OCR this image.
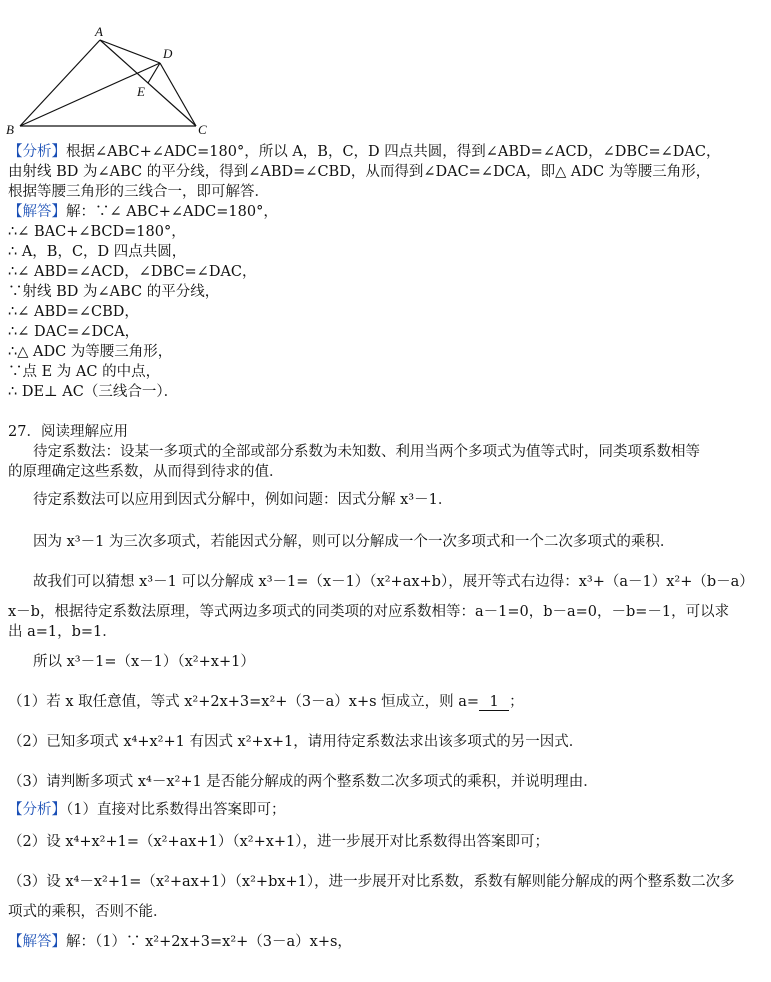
A
D
E
B	C
【分析】根据∠ABC+∠ADC=180°，所以 A，B，C，D 四点共圆，得到∠ABD=∠ACD，∠DBC=∠DAC，
由射线 BD 为∠ABC 的平分线，得到∠ABD=∠CBD，从而得到∠DAC=∠DCA，即△ ADC 为等腰三角形，
根据等腰三角形的三线合一，即可解答．
【解答】解：∵∠ ABC+∠ADC=180°，
∴∠ BAC+∠BCD=180°，
∴ A，B，C，D 四点共圆，
∴∠ ABD=∠ACD，∠DBC=∠DAC，
∵射线 BD 为∠ABC 的平分线，
∴∠ ABD=∠CBD，
∴∠ DAC=∠DCA，
∴△ ADC 为等腰三角形，
∵点 E 为 AC 的中点，
∴ DE⊥ AC（三线合一）．
27．阅读理解应用
待定系数法：设某一多项式的全部或部分系数为未知数、利用当两个多项式为值等式时，同类项系数相等
的原理确定这些系数，从而得到待求的值．
待定系数法可以应用到因式分解中，例如问题：因式分解 x³－1．
因为 x³－1 为三次多项式，若能因式分解，则可以分解成一个一次多项式和一个二次多项式的乘积．
故我们可以猜想 x³－1 可以分解成 x³－1=（x－1）（x²+ax+b），展开等式右边得：x³+（a－1）x²+（b－a）
x－b，根据待定系数法原理，等式两边多项式的同类项的对应系数相等：a－1=0，b－a=0，－b=－1，可以求
出 a=1，b=1．
所以 x³－1=（x－1）（x²+x+1）
（1）若 x 取任意值，等式 x²+2x+3=x²+（3－a）x+s 恒成立，则 a= 1 ；
（2）已知多项式 x⁴+x²+1 有因式 x²+x+1，请用待定系数法求出该多项式的另一因式．
（3）请判断多项式 x⁴－x²+1 是否能分解成的两个整系数二次多项式的乘积，并说明理由．
【分析】（1）直接对比系数得出答案即可；
（2）设 x⁴+x²+1=（x²+ax+1）（x²+x+1），进一步展开对比系数得出答案即可；
（3）设 x⁴－x²+1=（x²+ax+1）（x²+bx+1），进一步展开对比系数，系数有解则能分解成的两个整系数二次多
项式的乘积，否则不能．
【解答】解：（1）∵ x²+2x+3=x²+（3－a）x+s，
